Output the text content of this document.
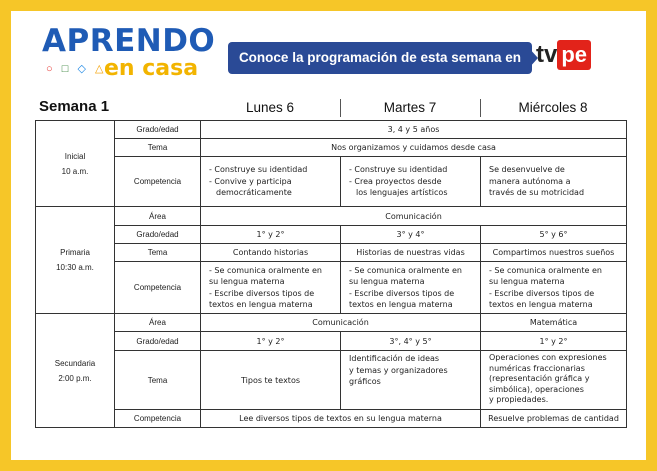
APRENDO
○ □ ◇ △
en casa	Conoce la programación de esta semana en tv pe
Semana 1	Lunes 6	Martes 7	Miércoles 8
Inicial
10 a.m.	Grado/edad	3, 4 y 5 años		
	Tema	Nos organizamos y cuidamos desde casa		
	Competencia	- Construye su identidad
- Convive y participa
democráticamente	- Construye su identidad
- Crea proyectos desde
los lenguajes artísticos	Se desenvuelve de
manera autónoma a
través de su motricidad

Primaria
10:30 a.m.	Área	Comunicación		
	Grado/edad	1° y 2°	3° y 4°	5° y 6°
	Tema	Contando historias	Historias de nuestras vidas	Compartimos nuestros sueños
	Competencia	- Se comunica oralmente en
su lengua materna
- Escribe diversos tipos de
textos en lengua materna	- Se comunica oralmente en
su lengua materna
- Escribe diversos tipos de
textos en lengua materna	- Se comunica oralmente en
su lengua materna
- Escribe diversos tipos de
textos en lengua materna

Secundaria
2:00 p.m.	Área	Comunicación		Matemática
	Grado/edad	1° y 2°	3°, 4° y 5°	1° y 2°
	Tema	Tipos te textos	Identificación de ideas
y temas y organizadores
gráficos	Operaciones con expresiones
numéricas fraccionarias
(representación gráfica y
simbólica), operaciones
y propiedades.

	Competencia	Lee diversos tipos de textos en su lengua materna		Resuelve problemas de cantidad
